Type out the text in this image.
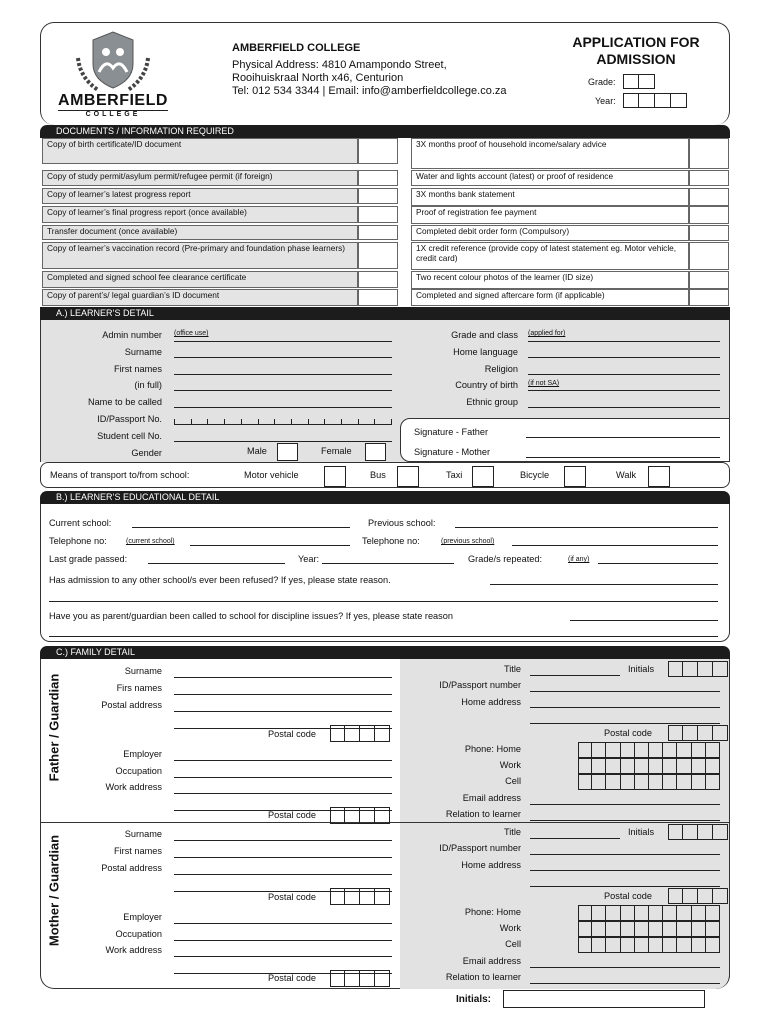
AMBERFIELD
COLLEGE
AMBERFIELD COLLEGE
Physical Address: 4810 Amampondo Street,
Rooihuiskraal North x46, Centurion
Tel: 012 534 3344 | Email: info@amberfieldcollege.co.za
APPLICATION FOR
ADMISSION
Grade:
Year:
DOCUMENTS / INFORMATION REQUIRED
Copy of birth certificate/ID document
Copy of study permit/asylum permit/refugee permit (if foreign)
Copy of learner’s latest progress report
Copy of learner’s final progress report (once available)
Transfer document (once available)
Copy of learner’s vaccination record (Pre-primary and foundation phase learners)
Completed and signed school fee clearance certificate
Copy of parent’s/ legal guardian’s ID document
3X months proof of household income/salary advice
Water and lights account (latest) or proof of residence
3X months bank statement
Proof of registration fee payment
Completed debit order form (Compulsory)
1X credit reference (provide copy of latest statement eg. Motor vehicle, credit card)
Two recent colour photos of the learner (ID size)
Completed and signed aftercare form (if applicable)
A.) LEARNER’S DETAIL
Admin number (office use)
Surname
First names
(in full)
Name to be called
ID/Passport No.
Student cell No.
Gender	Male	Female
Grade and class (applied for)
Home language
Religion
Country of birth (if not SA)
Ethnic group
Signature - Father
Signature - Mother
Means of transport to/from school:	Motor vehicle	Bus	Taxi	Bicycle	Walk
B.) LEARNER’S EDUCATIONAL DETAIL
Current school:	Previous school:
Telephone no:	(current school)	Telephone no:	(previous school)
Last grade passed:	Year:	Grade/s repeated:	(if any)
Has admission to any other school/s ever been refused? If yes, please state reason.
Have you as parent/guardian been called to school for discipline issues? If yes, please state reason
C.) FAMILY DETAIL
Father / Guardian
Surname
Firs names
Postal address
Postal code
Employer
Occupation
Work address
Postal code
Title
ID/Passport number
Home address
Initials
Postal code
Phone: Home
Work
Cell
Email address
Relation to learner
Mother / Guardian
Surname
First names
Postal address
Postal code
Employer
Occupation
Work address
Postal code
Title
ID/Passport number
Home address
Initials
Postal code
Phone: Home
Work
Cell
Email address
Relation to learner
Initials:
